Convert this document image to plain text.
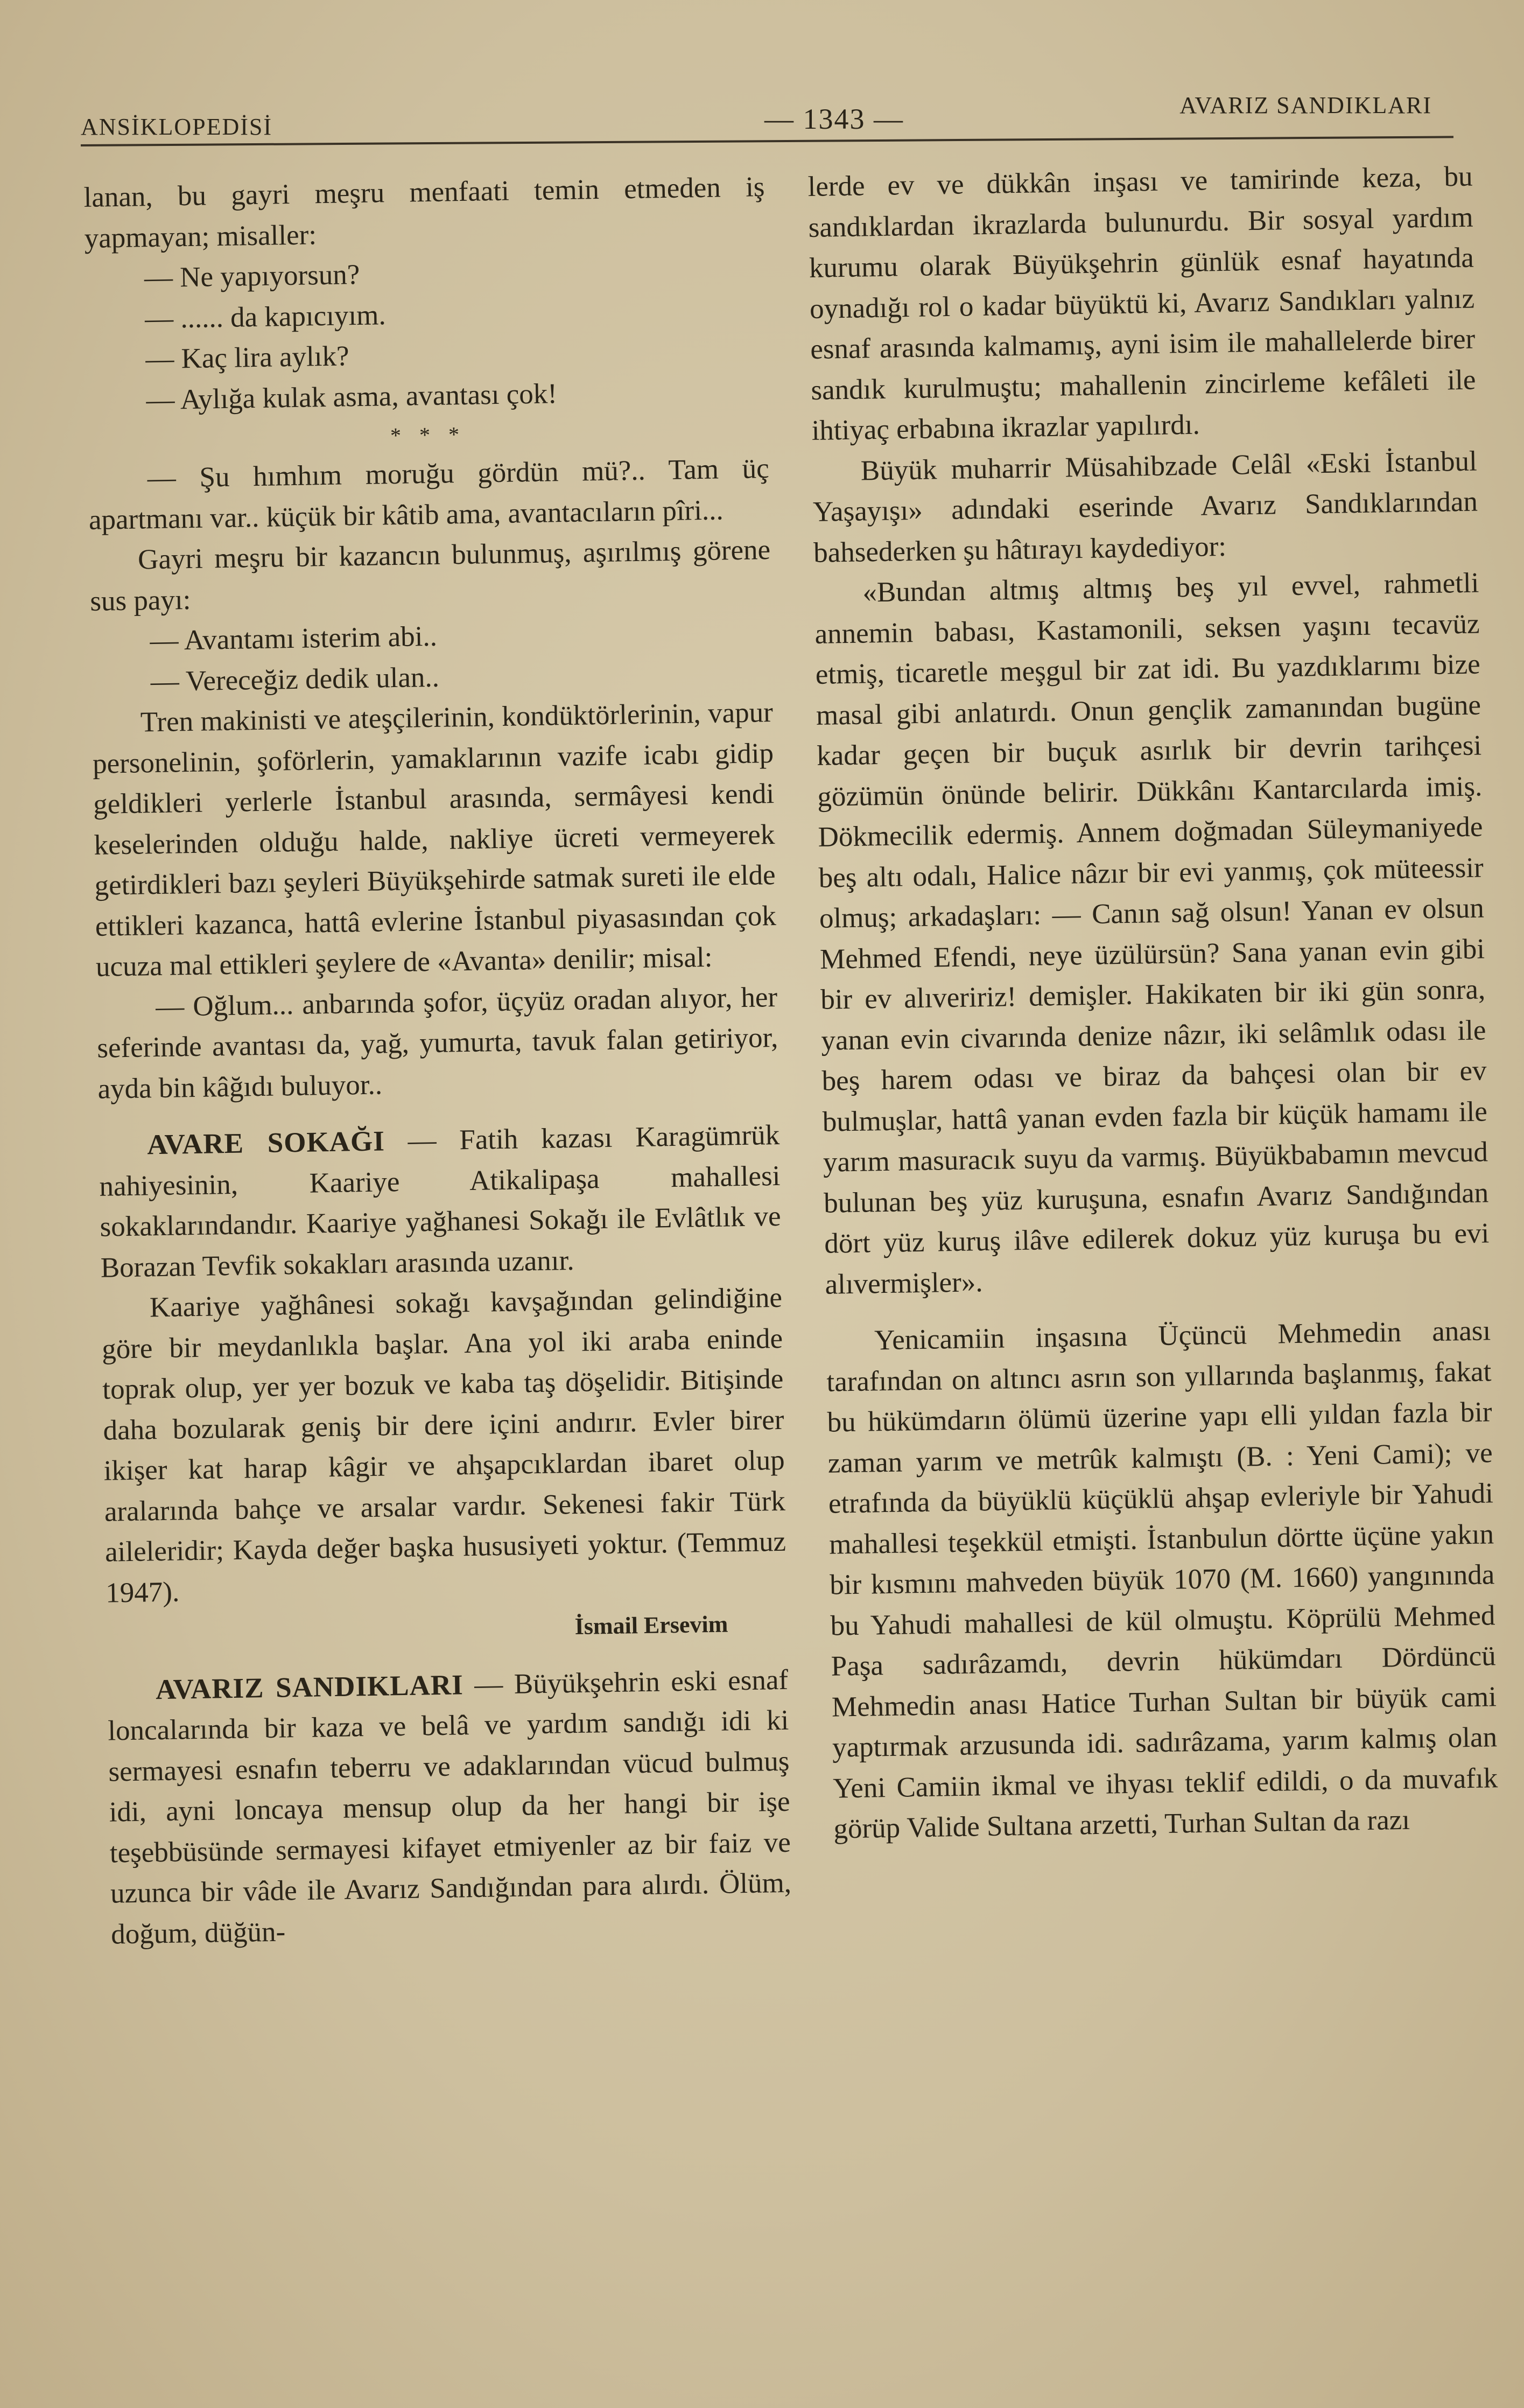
ANSİKLOPEDİSİ	— 1343 —	AVARIZ SANDIKLARI

lanan, bu gayri meşru menfaati temin etmeden iş yapmayan; misaller:

— Ne yapıyorsun?

— ...... da kapıcıyım.

— Kaç lira aylık?

— Aylığa kulak asma, avantası çok!

* * *

— Şu hımhım moruğu gördün mü?.. Tam üç apartmanı var.. küçük bir kâtib ama, avantacıların pîri...

Gayri meşru bir kazancın bulunmuş, aşırılmış görene sus payı:

— Avantamı isterim abi..

— Vereceğiz dedik ulan..

Tren makinisti ve ateşçilerinin, kondüktörlerinin, vapur personelinin, şoförlerin, yamaklarının vazife icabı gidip geldikleri yerlerle İstanbul arasında, sermâyesi kendi keselerinden olduğu halde, nakliye ücreti vermeyerek getirdikleri bazı şeyleri Büyükşehirde satmak sureti ile elde ettikleri kazanca, hattâ evlerine İstanbul piyasasından çok ucuza mal ettikleri şeylere de «Avanta» denilir; misal:

— Oğlum... anbarında şofor, üçyüz oradan alıyor, her seferinde avantası da, yağ, yumurta, tavuk falan getiriyor, ayda bin kâğıdı buluyor..

AVARE SOKAĞI — Fatih kazası Karagümrük nahiyesinin, Kaariye Atikalipaşa mahallesi sokaklarındandır. Kaariye yağhanesi Sokağı ile Evlâtlık ve Borazan Tevfik sokakları arasında uzanır.

Kaariye yağhânesi sokağı kavşağından gelindiğine göre bir meydanlıkla başlar. Ana yol iki araba eninde toprak olup, yer yer bozuk ve kaba taş döşelidir. Bitişinde daha bozularak geniş bir dere içini andırır. Evler birer ikişer kat harap kâgir ve ahşapcıklardan ibaret olup aralarında bahçe ve arsalar vardır. Sekenesi fakir Türk aileleridir; Kayda değer başka hususiyeti yoktur. (Temmuz 1947).

İsmail Ersevim

AVARIZ SANDIKLARI — Büyükşehrin eski esnaf loncalarında bir kaza ve belâ ve yardım sandığı idi ki sermayesi esnafın teberru ve adaklarından vücud bulmuş idi, ayni loncaya mensup olup da her hangi bir işe teşebbüsünde sermayesi kifayet etmiyenler az bir faiz ve uzunca bir vâde ile Avarız Sandığından para alırdı. Ölüm, doğum, düğün-

lerde ev ve dükkân inşası ve tamirinde keza, bu sandıklardan ikrazlarda bulunurdu. Bir sosyal yardım kurumu olarak Büyükşehrin günlük esnaf hayatında oynadığı rol o kadar büyüktü ki, Avarız Sandıkları yalnız esnaf arasında kalmamış, ayni isim ile mahallelerde birer sandık kurulmuştu; mahallenin zincirleme kefâleti ile ihtiyaç erbabına ikrazlar yapılırdı.

Büyük muharrir Müsahibzade Celâl «Eski İstanbul Yaşayışı» adındaki eserinde Avarız Sandıklarından bahsederken şu hâtırayı kaydediyor:

«Bundan altmış altmış beş yıl evvel, rahmetli annemin babası, Kastamonili, seksen yaşını tecavüz etmiş, ticaretle meşgul bir zat idi. Bu yazdıklarımı bize masal gibi anlatırdı. Onun gençlik zamanından bugüne kadar geçen bir buçuk asırlık bir devrin tarihçesi gözümün önünde belirir. Dükkânı Kantarcılarda imiş. Dökmecilik edermiş. Annem doğmadan Süleymaniyede beş altı odalı, Halice nâzır bir evi yanmış, çok müteessir olmuş; arkadaşları: — Canın sağ olsun! Yanan ev olsun Mehmed Efendi, neye üzülürsün? Sana yanan evin gibi bir ev alıveririz! demişler. Hakikaten bir iki gün sonra, yanan evin civarında denize nâzır, iki selâmlık odası ile beş harem odası ve biraz da bahçesi olan bir ev bulmuşlar, hattâ yanan evden fazla bir küçük hamamı ile yarım masuracık suyu da varmış. Büyükbabamın mevcud bulunan beş yüz kuruşuna, esnafın Avarız Sandığından dört yüz kuruş ilâve edilerek dokuz yüz kuruşa bu evi alıvermişler».

Yenicamiin inşasına Üçüncü Mehmedin anası tarafından on altıncı asrın son yıllarında başlanmış, fakat bu hükümdarın ölümü üzerine yapı elli yıldan fazla bir zaman yarım ve metrûk kalmıştı (B. : Yeni Cami); ve etrafında da büyüklü küçüklü ahşap evleriyle bir Yahudi mahallesi teşekkül etmişti. İstanbulun dörtte üçüne yakın bir kısmını mahveden büyük 1070 (M. 1660) yangınında bu Yahudi mahallesi de kül olmuştu. Köprülü Mehmed Paşa sadırâzamdı, devrin hükümdarı Dördüncü Mehmedin anası Hatice Turhan Sultan bir büyük cami yaptırmak arzusunda idi. sadırâzama, yarım kalmış olan Yeni Camiin ikmal ve ihyası teklif edildi, o da muvafık görüp Valide Sultana arzetti, Turhan Sultan da razı
